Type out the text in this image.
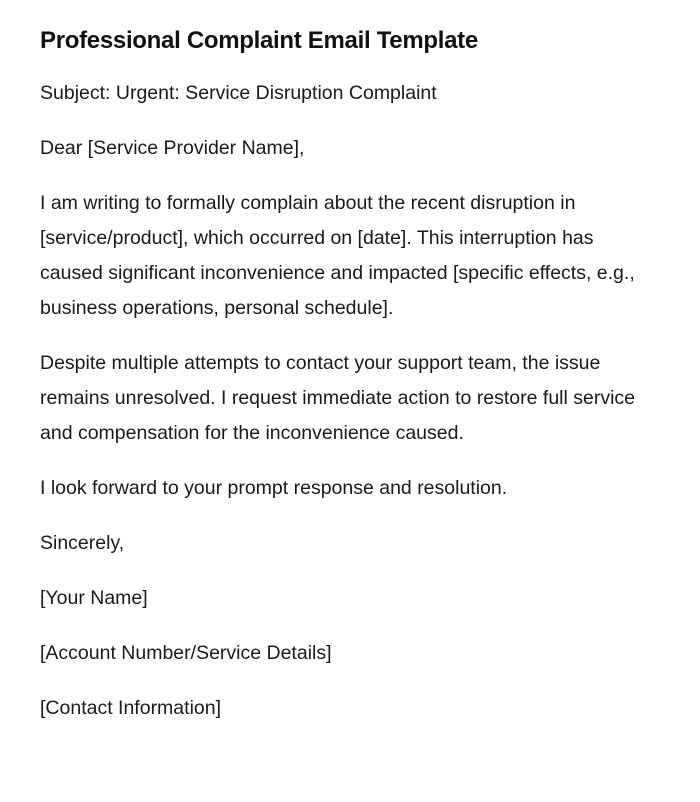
Professional Complaint Email Template

Subject: Urgent: Service Disruption Complaint

Dear [Service Provider Name],

I am writing to formally complain about the recent disruption in [service/product], which occurred on [date]. This interruption has caused significant inconvenience and impacted [specific effects, e.g., business operations, personal schedule].

Despite multiple attempts to contact your support team, the issue remains unresolved. I request immediate action to restore full service and compensation for the inconvenience caused.

I look forward to your prompt response and resolution.

Sincerely,

[Your Name]

[Account Number/Service Details]

[Contact Information]
